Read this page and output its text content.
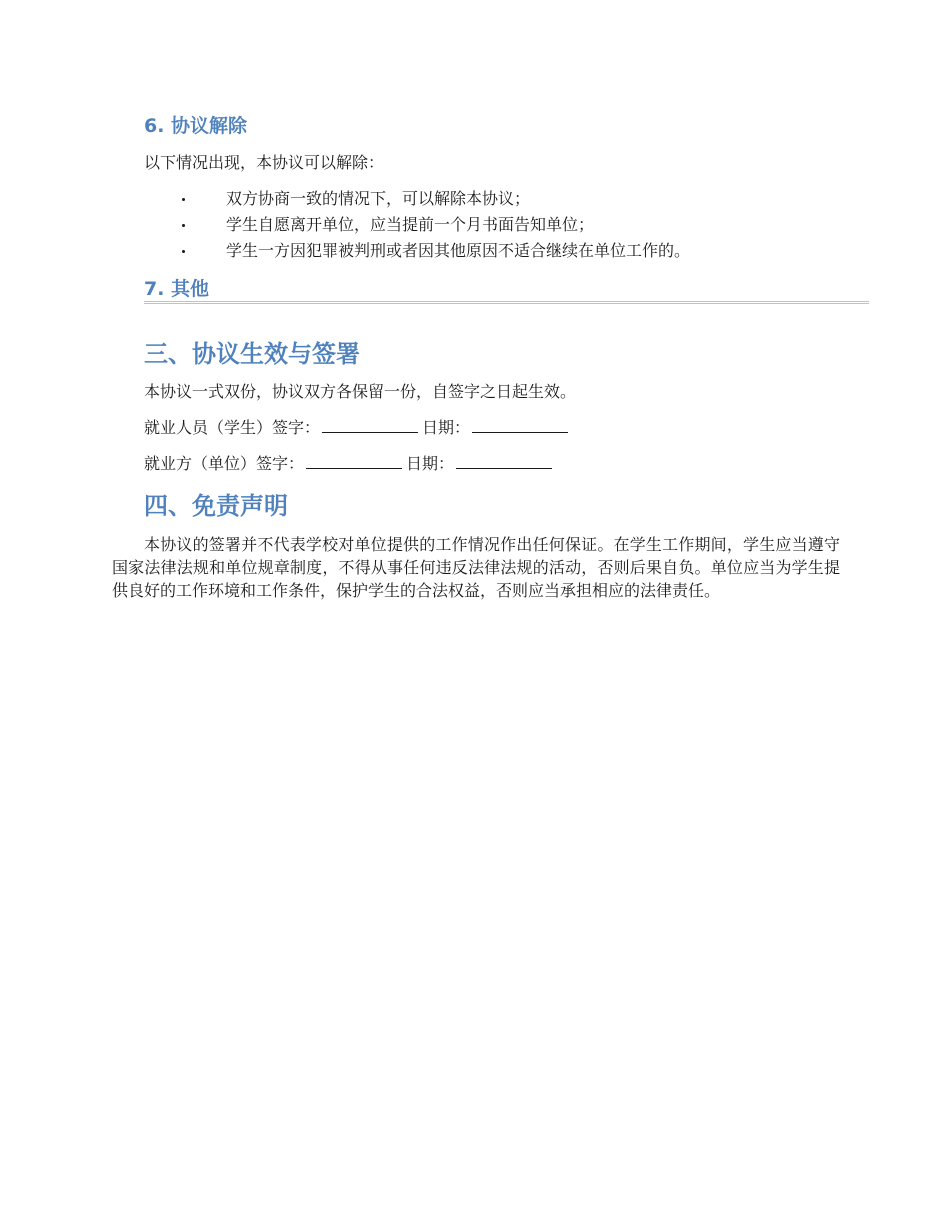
6. 协议解除

以下情况出现，本协议可以解除：

双方协商一致的情况下，可以解除本协议；
学生自愿离开单位，应当提前一个月书面告知单位；
学生一方因犯罪被判刑或者因其他原因不适合继续在单位工作的。
7. 其他
三、协议生效与签署

本协议一式双份，协议双方各保留一份，自签字之日起生效。

就业人员（学生）签字：	日期：

就业方（单位）签字：	日期：

四、免责声明

本协议的签署并不代表学校对单位提供的工作情况作出任何保证。在学生工作期间，学生应当遵守国家法律法规和单位规章制度，不得从事任何违反法律法规的活动，否则后果自负。单位应当为学生提供良好的工作环境和工作条件，保护学生的合法权益，否则应当承担相应的法律责任。
